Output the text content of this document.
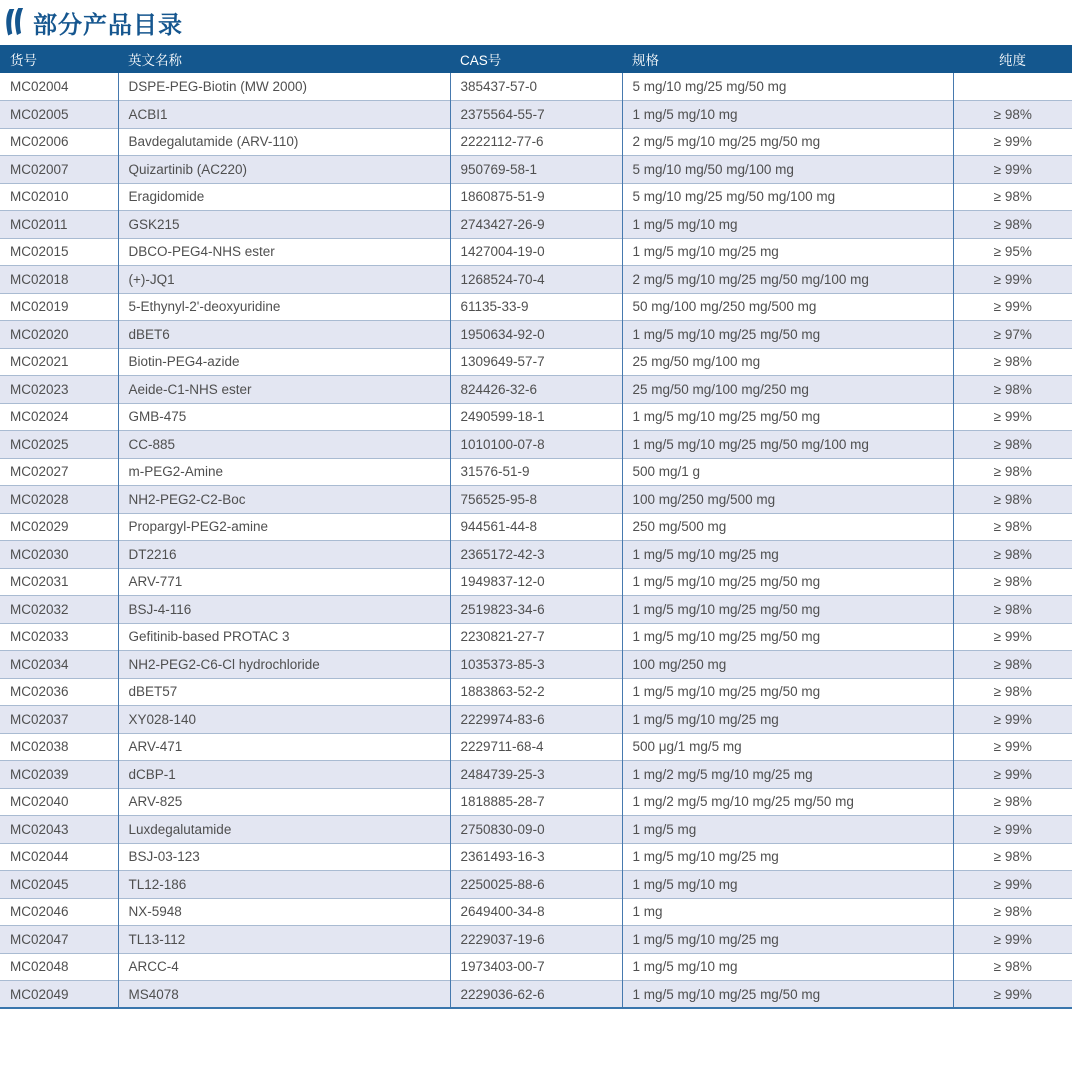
部分产品目录
货号	英文名称	CAS号	规格	纯度
MC02004	DSPE-PEG-Biotin (MW 2000)	385437-57-0	5 mg/10 mg/25 mg/50 mg	
MC02005	ACBI1	2375564-55-7	1 mg/5 mg/10 mg	≥ 98%
MC02006	Bavdegalutamide (ARV-110)	2222112-77-6	2 mg/5 mg/10 mg/25 mg/50 mg	≥ 99%
MC02007	Quizartinib (AC220)	950769-58-1	5 mg/10 mg/50 mg/100 mg	≥ 99%
MC02010	Eragidomide	1860875-51-9	5 mg/10 mg/25 mg/50 mg/100 mg	≥ 98%
MC02011	GSK215	2743427-26-9	1 mg/5 mg/10 mg	≥ 98%
MC02015	DBCO-PEG4-NHS ester	1427004-19-0	1 mg/5 mg/10 mg/25 mg	≥ 95%
MC02018	(+)-JQ1	1268524-70-4	2 mg/5 mg/10 mg/25 mg/50 mg/100 mg	≥ 99%
MC02019	5-Ethynyl-2'-deoxyuridine	61135-33-9	50 mg/100 mg/250 mg/500 mg	≥ 99%
MC02020	dBET6	1950634-92-0	1 mg/5 mg/10 mg/25 mg/50 mg	≥ 97%
MC02021	Biotin-PEG4-azide	1309649-57-7	25 mg/50 mg/100 mg	≥ 98%
MC02023	Aeide-C1-NHS ester	824426-32-6	25 mg/50 mg/100 mg/250 mg	≥ 98%
MC02024	GMB-475	2490599-18-1	1 mg/5 mg/10 mg/25 mg/50 mg	≥ 99%
MC02025	CC-885	1010100-07-8	1 mg/5 mg/10 mg/25 mg/50 mg/100 mg	≥ 98%
MC02027	m-PEG2-Amine	31576-51-9	500 mg/1 g	≥ 98%
MC02028	NH2-PEG2-C2-Boc	756525-95-8	100 mg/250 mg/500 mg	≥ 98%
MC02029	Propargyl-PEG2-amine	944561-44-8	250 mg/500 mg	≥ 98%
MC02030	DT2216	2365172-42-3	1 mg/5 mg/10 mg/25 mg	≥ 98%
MC02031	ARV-771	1949837-12-0	1 mg/5 mg/10 mg/25 mg/50 mg	≥ 98%
MC02032	BSJ-4-116	2519823-34-6	1 mg/5 mg/10 mg/25 mg/50 mg	≥ 98%
MC02033	Gefitinib-based PROTAC 3	2230821-27-7	1 mg/5 mg/10 mg/25 mg/50 mg	≥ 99%
MC02034	NH2-PEG2-C6-Cl hydrochloride	1035373-85-3	100 mg/250 mg	≥ 98%
MC02036	dBET57	1883863-52-2	1 mg/5 mg/10 mg/25 mg/50 mg	≥ 98%
MC02037	XY028-140	2229974-83-6	1 mg/5 mg/10 mg/25 mg	≥ 99%
MC02038	ARV-471	2229711-68-4	500 μg/1 mg/5 mg	≥ 99%
MC02039	dCBP-1	2484739-25-3	1 mg/2 mg/5 mg/10 mg/25 mg	≥ 99%
MC02040	ARV-825	1818885-28-7	1 mg/2 mg/5 mg/10 mg/25 mg/50 mg	≥ 98%
MC02043	Luxdegalutamide	2750830-09-0	1 mg/5 mg	≥ 99%
MC02044	BSJ-03-123	2361493-16-3	1 mg/5 mg/10 mg/25 mg	≥ 98%
MC02045	TL12-186	2250025-88-6	1 mg/5 mg/10 mg	≥ 99%
MC02046	NX-5948	2649400-34-8	1 mg	≥ 98%
MC02047	TL13-112	2229037-19-6	1 mg/5 mg/10 mg/25 mg	≥ 99%
MC02048	ARCC-4	1973403-00-7	1 mg/5 mg/10 mg	≥ 98%
MC02049	MS4078	2229036-62-6	1 mg/5 mg/10 mg/25 mg/50 mg	≥ 99%
